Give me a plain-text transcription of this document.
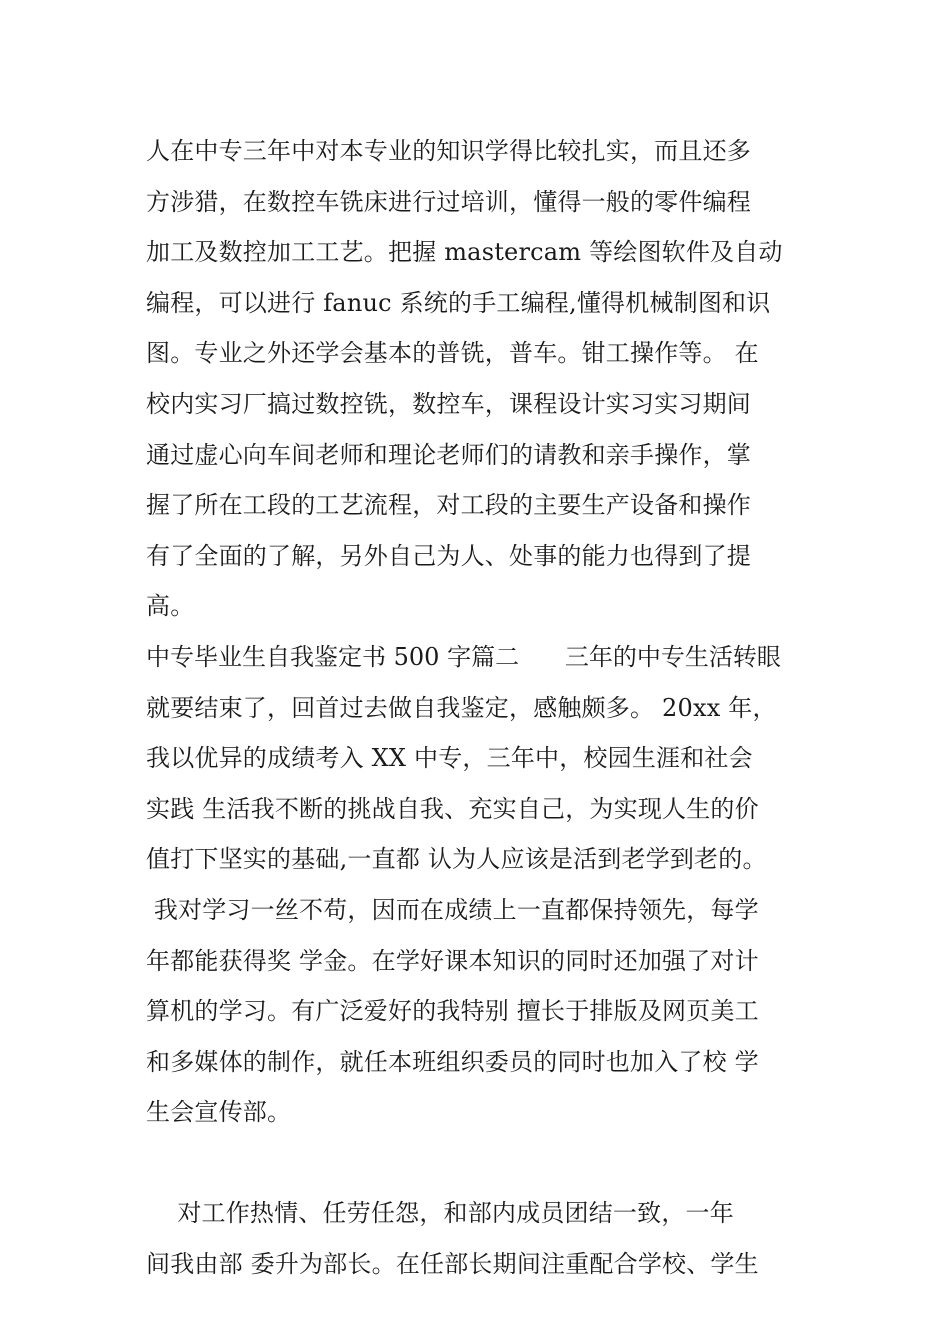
人在中专三年中对本专业的知识学得比较扎实，而且还多
方涉猎，在数控车铣床进行过培训，懂得一般的零件编程
加工及数控加工工艺。把握 mastercam 等绘图软件及自动
编程，可以进行 fanuc 系统的手工编程,懂得机械制图和识
图。专业之外还学会基本的普铣，普车。钳工操作等。 在
校内实习厂搞过数控铣，数控车，课程设计实习实习期间
通过虚心向车间老师和理论老师们的请教和亲手操作，掌
握了所在工段的工艺流程，对工段的主要生产设备和操作
有了全面的了解，另外自己为人、处事的能力也得到了提
高。
中专毕业生自我鉴定书 500 字篇二      三年的中专生活转眼
就要结束了，回首过去做自我鉴定，感触颇多。 20xx 年，
我以优异的成绩考入 XX 中专，三年中，校园生涯和社会
实践 生活我不断的挑战自我、充实自己，为实现人生的价
值打下坚实的基础,一直都 认为人应该是活到老学到老的。
我对学习一丝不苟，因而在成绩上一直都保持领先，每学
年都能获得奖 学金。在学好课本知识的同时还加强了对计
算机的学习。有广泛爱好的我特别 擅长于排版及网页美工
和多媒体的制作，就任本班组织委员的同时也加入了校 学
生会宣传部。
对工作热情、任劳任怨，和部内成员团结一致，一年
间我由部 委升为部长。在任部长期间注重配合学校、学生
